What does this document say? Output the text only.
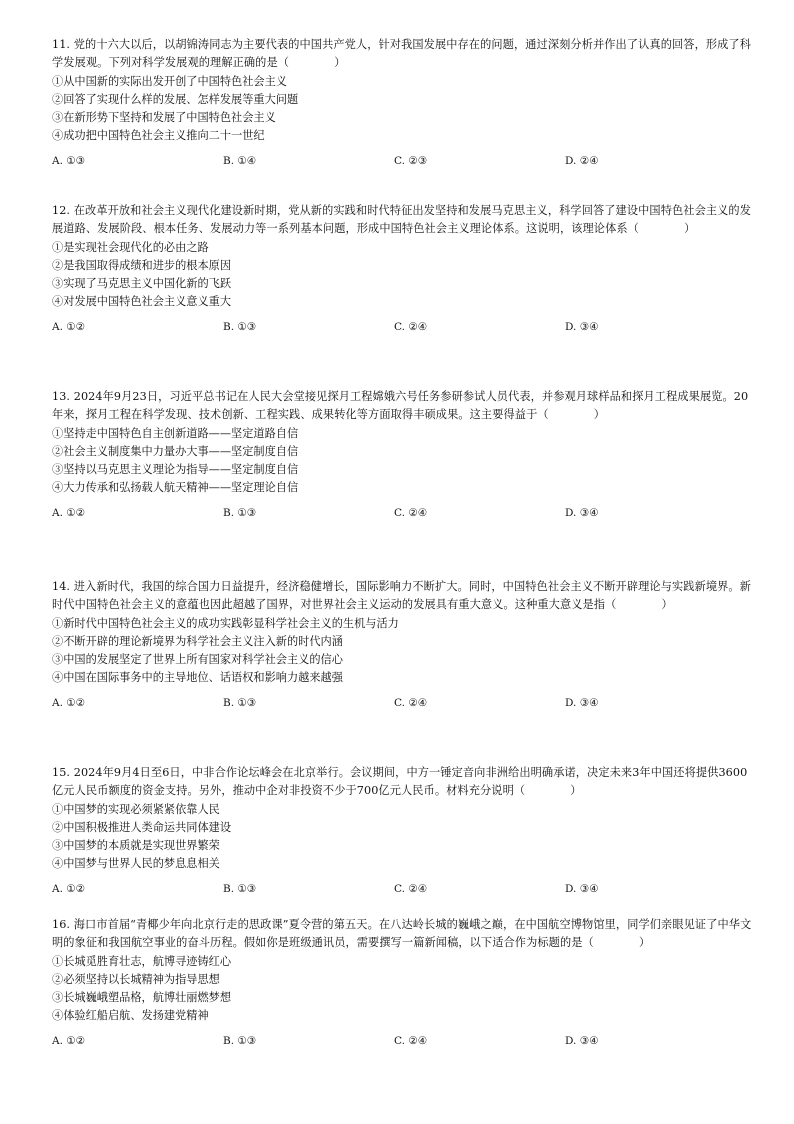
11. 党的十六大以后，以胡锦涛同志为主要代表的中国共产党人，针对我国发展中存在的问题，通过深刻分析并作出了认真的回答，形成了科学发展观。下列对科学发展观的理解正确的是（　　　　）

①从中国新的实际出发开创了中国特色社会主义

②回答了实现什么样的发展、怎样发展等重大问题

③在新形势下坚持和发展了中国特色社会主义

④成功把中国特色社会主义推向二十一世纪

A. ①③	B. ①④	C. ②③	D. ②④

12. 在改革开放和社会主义现代化建设新时期，党从新的实践和时代特征出发坚持和发展马克思主义，科学回答了建设中国特色社会主义的发展道路、发展阶段、根本任务、发展动力等一系列基本问题，形成中国特色社会主义理论体系。这说明，该理论体系（　　　　）

①是实现社会现代化的必由之路

②是我国取得成绩和进步的根本原因

③实现了马克思主义中国化新的飞跃

④对发展中国特色社会主义意义重大

A. ①②	B. ①③	C. ②④	D. ③④

13. 2024年9月23日，习近平总书记在人民大会堂接见探月工程嫦娥六号任务参研参试人员代表，并参观月球样品和探月工程成果展览。20年来，探月工程在科学发现、技术创新、工程实践、成果转化等方面取得丰硕成果。这主要得益于（　　　　）

①坚持走中国特色自主创新道路——坚定道路自信

②社会主义制度集中力量办大事——坚定制度自信

③坚持以马克思主义理论为指导——坚定制度自信

④大力传承和弘扬载人航天精神——坚定理论自信

A. ①②	B. ①③	C. ②④	D. ③④

14. 进入新时代，我国的综合国力日益提升，经济稳健增长，国际影响力不断扩大。同时，中国特色社会主义不断开辟理论与实践新境界。新时代中国特色社会主义的意蕴也因此超越了国界，对世界社会主义运动的发展具有重大意义。这种重大意义是指（　　　　）

①新时代中国特色社会主义的成功实践彰显科学社会主义的生机与活力

②不断开辟的理论新境界为科学社会主义注入新的时代内涵

③中国的发展坚定了世界上所有国家对科学社会主义的信心

④中国在国际事务中的主导地位、话语权和影响力越来越强

A. ①②	B. ①③	C. ②④	D. ③④

15. 2024年9月4日至6日，中非合作论坛峰会在北京举行。会议期间，中方一锤定音向非洲给出明确承诺，决定未来3年中国还将提供3600亿元人民币额度的资金支持。另外，推动中企对非投资不少于700亿元人民币。材料充分说明（　　　　）

①中国梦的实现必须紧紧依靠人民

②中国积极推进人类命运共同体建设

③中国梦的本质就是实现世界繁荣

④中国梦与世界人民的梦息息相关

A. ①②	B. ①③	C. ②④	D. ③④

16. 海口市首届“青椰少年向北京行走的思政课”夏令营的第五天。在八达岭长城的巍峨之巅，在中国航空博物馆里，同学们亲眼见证了中华文明的象征和我国航空事业的奋斗历程。假如你是班级通讯员，需要撰写一篇新闻稿，以下适合作为标题的是（　　　　）

①长城觅胜育壮志，航博寻迹铸红心

②必须坚持以长城精神为指导思想

③长城巍峨塑品格，航博壮丽燃梦想

④体验红船启航、发扬建党精神

A. ①②	B. ①③	C. ②④	D. ③④
